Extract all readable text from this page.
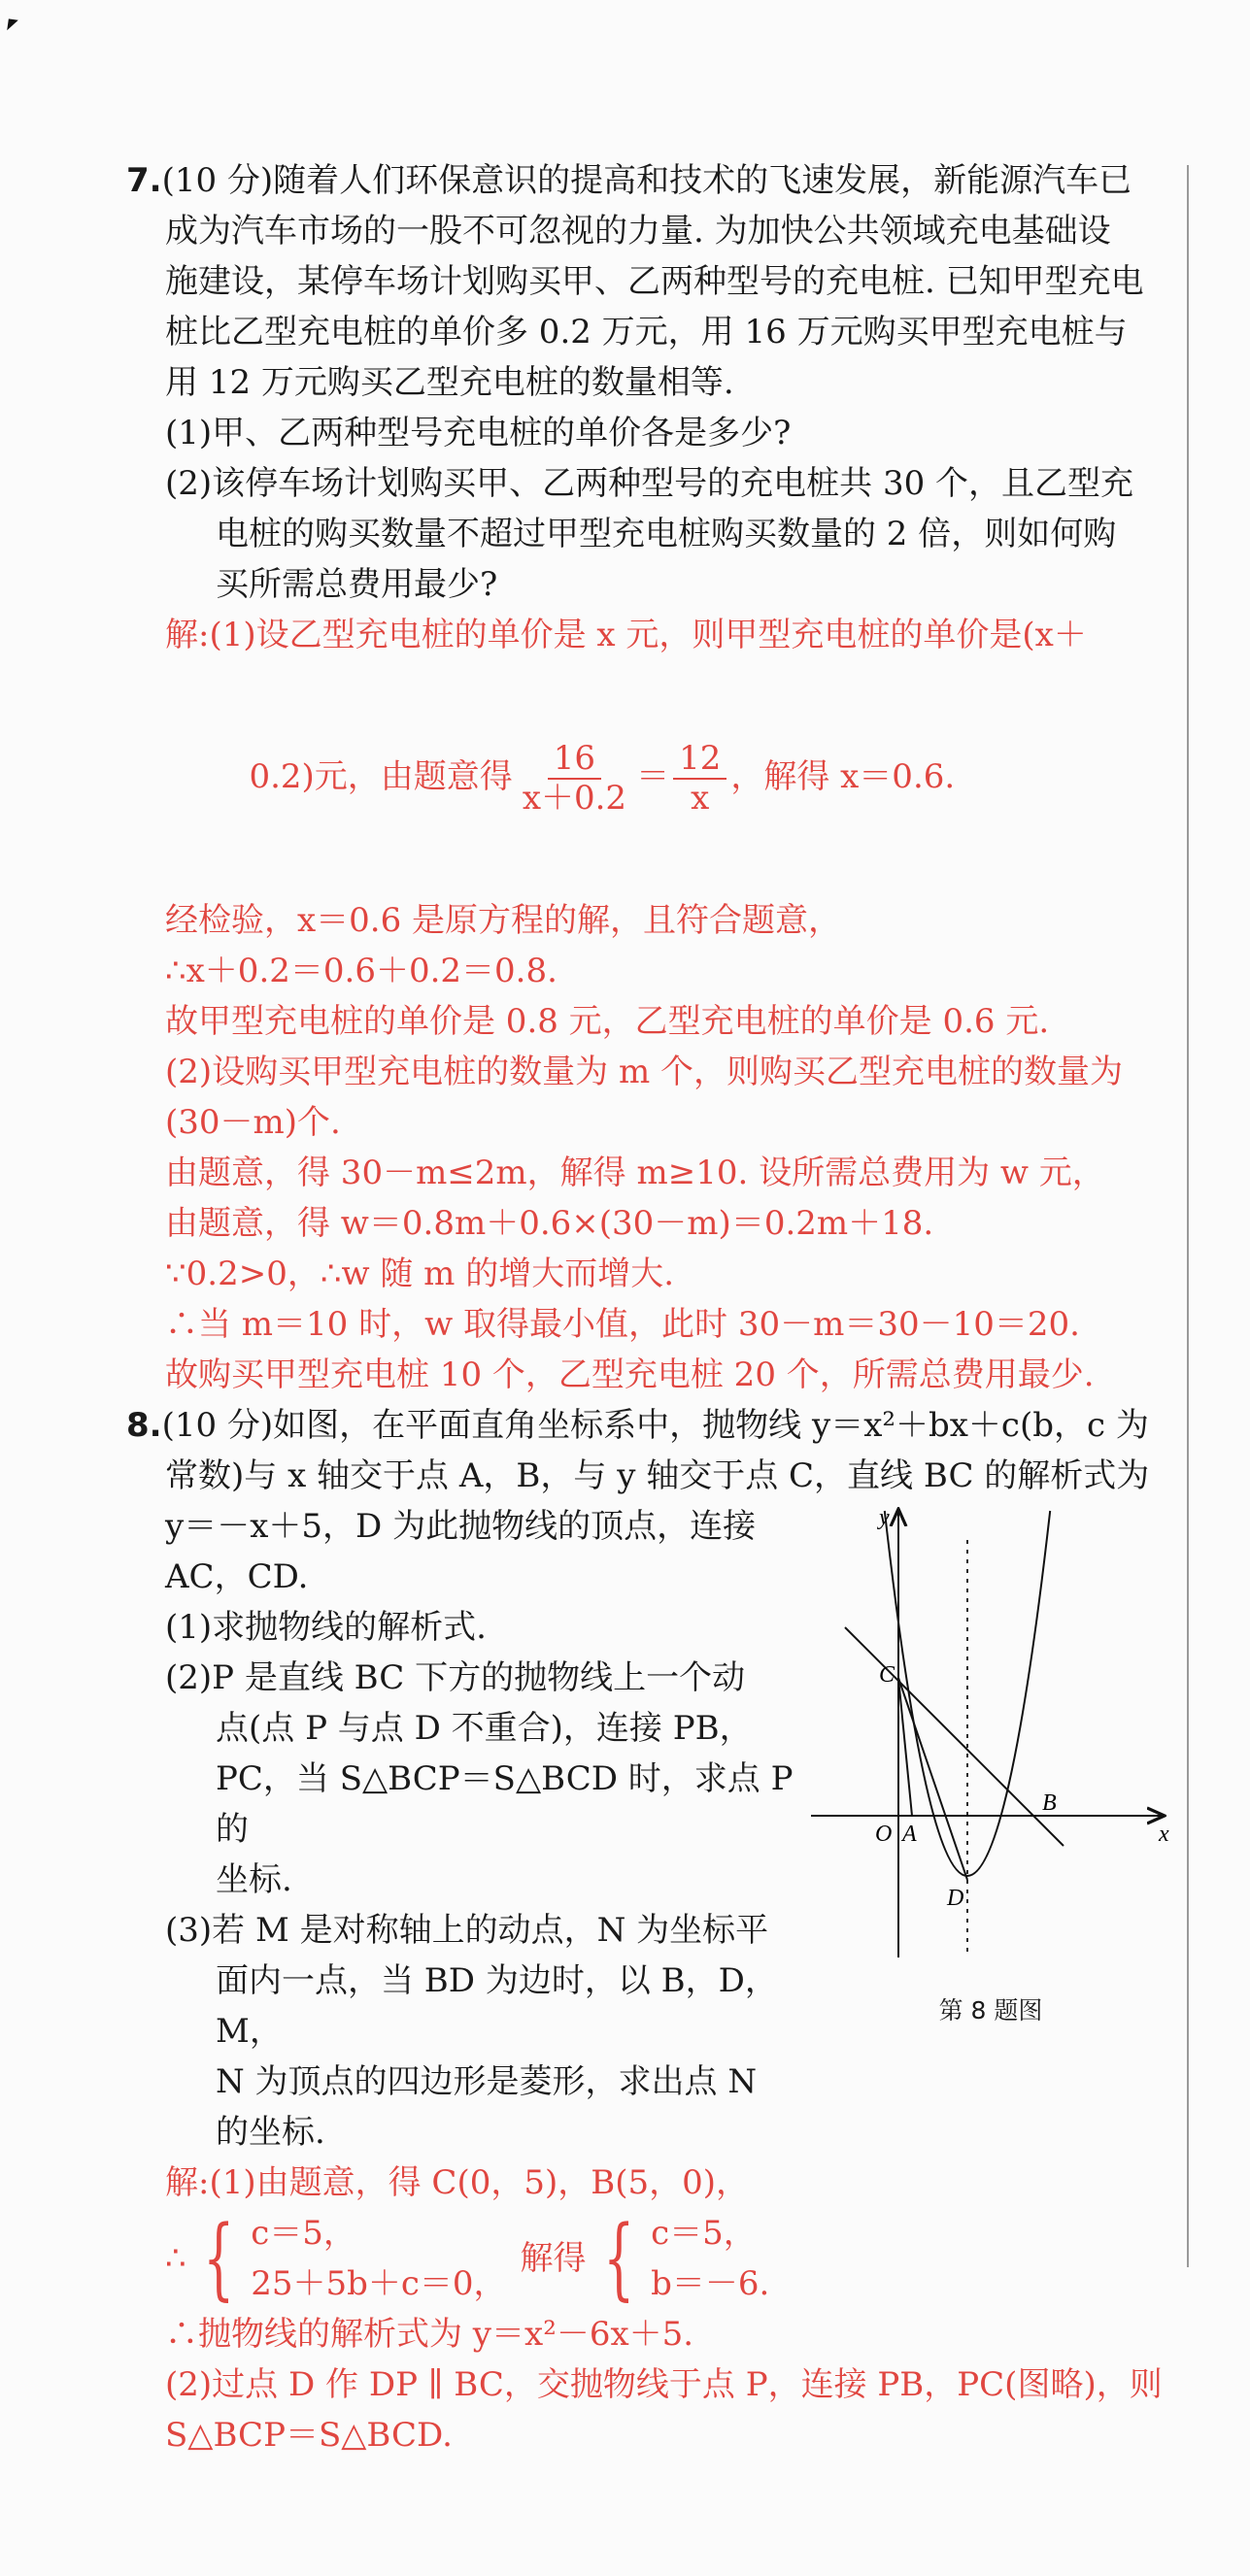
7.(10 分)随着人们环保意识的提高和技术的飞速发展，新能源汽车已

成为汽车市场的一股不可忽视的力量. 为加快公共领域充电基础设

施建设，某停车场计划购买甲、乙两种型号的充电桩. 已知甲型充电

桩比乙型充电桩的单价多 0.2 万元，用 16 万元购买甲型充电桩与

用 12 万元购买乙型充电桩的数量相等.

(1)甲、乙两种型号充电桩的单价各是多少?

(2)该停车场计划购买甲、乙两种型号的充电桩共 30 个，且乙型充

电桩的购买数量不超过甲型充电桩购买数量的 2 倍，则如何购

买所需总费用最少?

解:(1)设乙型充电桩的单价是 x 元，则甲型充电桩的单价是(x＋

0.2)元，由题意得 $\frac{16}{x+0.2} = \frac{12}{x}$ ，解得 x＝0.6.

经检验，x＝0.6 是原方程的解，且符合题意，

∴x＋0.2＝0.6＋0.2＝0.8.

故甲型充电桩的单价是 0.8 元，乙型充电桩的单价是 0.6 元.

(2)设购买甲型充电桩的数量为 m 个，则购买乙型充电桩的数量为

(30－m)个.

由题意，得 30－m≤2m，解得 m≥10. 设所需总费用为 w 元，

由题意，得 w＝0.8m＋0.6×(30－m)＝0.2m＋18.

∵0.2>0，∴w 随 m 的增大而增大.

∴当 m＝10 时，w 取得最小值，此时 30－m＝30－10＝20.

故购买甲型充电桩 10 个，乙型充电桩 20 个，所需总费用最少.

8.(10 分)如图，在平面直角坐标系中，抛物线 y＝x²＋bx＋c(b，c 为

常数)与 x 轴交于点 A，B，与 y 轴交于点 C，直线 BC 的解析式为

y＝－x＋5，D 为此抛物线的顶点，连接

AC，CD.

(1)求抛物线的解析式.

(2)P 是直线 BC 下方的抛物线上一个动

点(点 P 与点 D 不重合)，连接 PB，

PC，当 S△BCP＝S△BCD 时，求点 P 的

坐标.

(3)若 M 是对称轴上的动点，N 为坐标平

面内一点，当 BD 为边时，以 B，D，M，

N 为顶点的四边形是菱形，求出点 N

的坐标.

y
x
O A
B
C
D
第 8 题图

解:(1)由题意，得 C(0，5)，B(5，0)，

∴ { c＝5，
25＋5b＋c＝0，
解得 { c＝5，
b＝－6.

∴抛物线的解析式为 y＝x²－6x＋5.

(2)过点 D 作 DP ∥ BC，交抛物线于点 P，连接 PB，PC(图略)，则

S△BCP＝S△BCD.
